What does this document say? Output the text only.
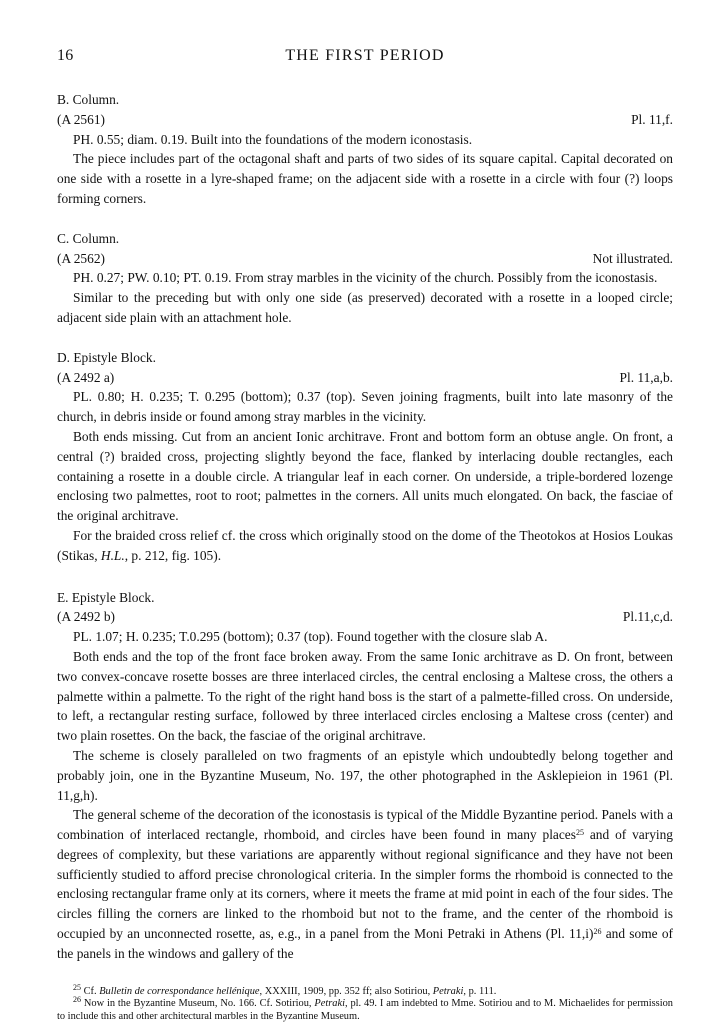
16	THE FIRST PERIOD

B. Column.

(A 2561)	Pl. 11,f.

PH. 0.55; diam. 0.19. Built into the foundations of the modern iconostasis.

The piece includes part of the octagonal shaft and parts of two sides of its square capital. Capital decorated on one side with a rosette in a lyre-shaped frame; on the adjacent side with a rosette in a circle with four (?) loops forming corners.

C. Column.

(A 2562)	Not illustrated.

PH. 0.27; PW. 0.10; PT. 0.19. From stray marbles in the vicinity of the church. Possibly from the iconostasis.

Similar to the preceding but with only one side (as preserved) decorated with a rosette in a looped circle; adjacent side plain with an attachment hole.

D. Epistyle Block.

(A 2492 a)	Pl. 11,a,b.

PL. 0.80; H. 0.235; T. 0.295 (bottom); 0.37 (top). Seven joining fragments, built into late masonry of the church, in debris inside or found among stray marbles in the vicinity.

Both ends missing. Cut from an ancient Ionic architrave. Front and bottom form an obtuse angle. On front, a central (?) braided cross, projecting slightly beyond the face, flanked by interlacing double rectangles, each containing a rosette in a double circle. A triangular leaf in each corner. On underside, a triple-bordered lozenge enclosing two palmettes, root to root; palmettes in the corners. All units much elongated. On back, the fasciae of the original architrave.

For the braided cross relief cf. the cross which originally stood on the dome of the Theotokos at Hosios Loukas (Stikas, H.L., p. 212, fig. 105).

E. Epistyle Block.

(A 2492 b)	Pl.11,c,d.

PL. 1.07; H. 0.235; T.0.295 (bottom); 0.37 (top). Found together with the closure slab A.

Both ends and the top of the front face broken away. From the same Ionic architrave as D. On front, between two convex-concave rosette bosses are three interlaced circles, the central enclosing a Maltese cross, the others a palmette within a palmette. To the right of the right hand boss is the start of a palmette-filled cross. On underside, to left, a rectangular resting surface, followed by three interlaced circles enclosing a Maltese cross (center) and two plain rosettes. On the back, the fasciae of the original architrave.

The scheme is closely paralleled on two fragments of an epistyle which undoubtedly belong together and probably join, one in the Byzantine Museum, No. 197, the other photographed in the Asklepieion in 1961 (Pl. 11,g,h).

The general scheme of the decoration of the iconostasis is typical of the Middle Byzantine period. Panels with a combination of interlaced rectangle, rhomboid, and circles have been found in many places$^{25}$ and of varying degrees of complexity, but these variations are apparently without regional significance and they have not been sufficiently studied to afford precise chronological criteria. In the simpler forms the rhomboid is connected to the enclosing rectangular frame only at its corners, where it meets the frame at mid point in each of the four sides. The circles filling the corners are linked to the rhomboid but not to the frame, and the center of the rhomboid is occupied by an unconnected rosette, as, e.g., in a panel from the Moni Petraki in Athens (Pl. 11,i)$^{26}$ and some of the panels in the windows and gallery of the

$^{25}$ Cf. Bulletin de correspondance hellénique, XXXIII, 1909, pp. 352 ff; also Sotiriou, Petraki, p. 111.

$^{26}$ Now in the Byzantine Museum, No. 166. Cf. Sotiriou, Petraki, pl. 49. I am indebted to Mme. Sotiriou and to M. Michaelides for permission to include this and other architectural marbles in the Byzantine Museum.
